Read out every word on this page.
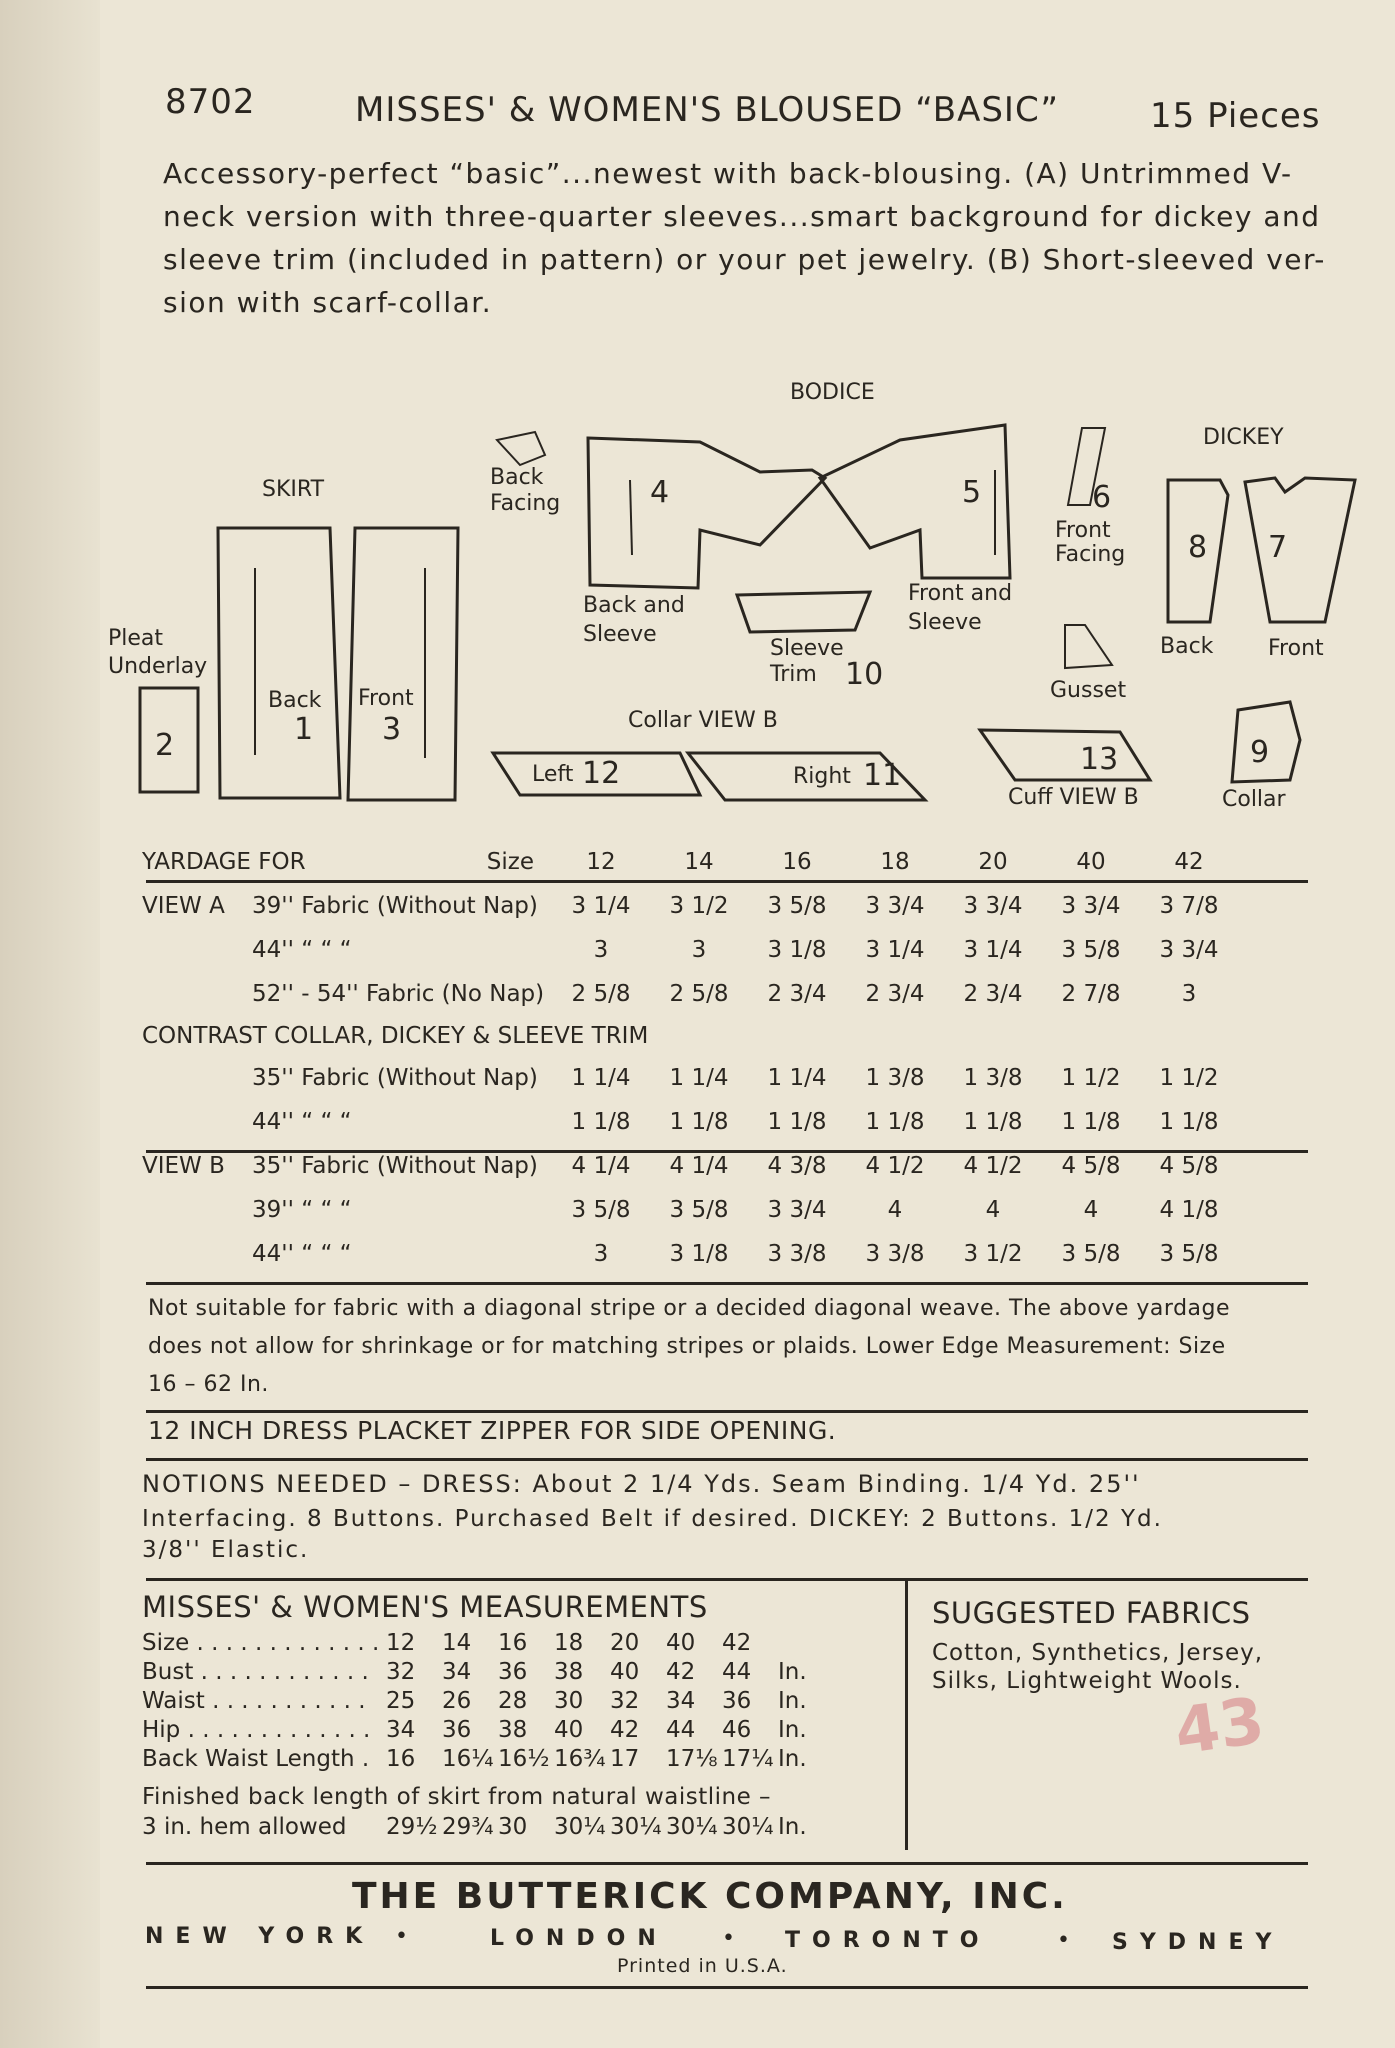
8702	MISSES' & WOMEN'S BLOUSED “BASIC”	15 Pieces
Accessory-perfect “basic”...newest with back-blousing. (A) Untrimmed V-
neck version with three-quarter sleeves...smart background for dickey and
sleeve trim (included in pattern) or your pet jewelry. (B) Short-sleeved ver-
sion with scarf-collar.
BODICE
SKIRT
DICKEY
Back
Facing
Back and
Sleeve
Front and
Sleeve
Front
Facing
Sleeve
Trim
Gusset
Pleat
Underlay
Back Front
Back Front
Collar VIEW B
Left	Right
Cuff VIEW B	Collar
1
2	3
4	5	6
7
8
9
10
11
12	13
YARDAGE FOR		Size	12	14	16	18	20	40	42
VIEW A	39'' Fabric (Without Nap)		3 1/4	3 1/2	3 5/8	3 3/4	3 3/4	3 3/4	3 7/8
	44'' “ “ “		3	3	3 1/8	3 1/4	3 1/4	3 5/8	3 3/4
	52'' - 54'' Fabric (No Nap)		2 5/8	2 5/8	2 3/4	2 3/4	2 3/4	2 7/8	3
CONTRAST COLLAR, DICKEY & SLEEVE TRIM									
	35'' Fabric (Without Nap)		1 1/4	1 1/4	1 1/4	1 3/8	1 3/8	1 1/2	1 1/2
	44'' “ “ “		1 1/8	1 1/8	1 1/8	1 1/8	1 1/8	1 1/8	1 1/8
VIEW B	35'' Fabric (Without Nap)		4 1/4	4 1/4	4 3/8	4 1/2	4 1/2	4 5/8	4 5/8
	39'' “ “ “		3 5/8	3 5/8	3 3/4	4	4	4	4 1/8
	44'' “ “ “		3	3 1/8	3 3/8	3 3/8	3 1/2	3 5/8	3 5/8
Not suitable for fabric with a diagonal stripe or a decided diagonal weave. The above yardage
does not allow for shrinkage or for matching stripes or plaids. Lower Edge Measurement: Size
16 – 62 In.
12 INCH DRESS PLACKET ZIPPER FOR SIDE OPENING.
NOTIONS NEEDED – DRESS: About 2 1/4 Yds. Seam Binding. 1/4 Yd. 25''
Interfacing. 8 Buttons. Purchased Belt if desired. DICKEY: 2 Buttons. 1/2 Yd.
3/8'' Elastic.
MISSES' & WOMEN'S MEASUREMENTS
Size . . . . . . . . . . . . .	12	14	16	18	20	40	42	
Bust . . . . . . . . . . . .	32	34	36	38	40	42	44	In.
Waist . . . . . . . . . . .	25	26	28	30	32	34	36	In.
Hip . . . . . . . . . . . . .	34	36	38	40	42	44	46	In.
Back Waist Length .	16	16¼	16½	16¾	17	17⅛	17¼	In.
Finished back length of skirt from natural waistline –
3 in. hem allowed	29½	29¾	30	30¼	30¼	30¼	30¼	In.
SUGGESTED FABRICS
Cotton, Synthetics, Jersey,
Silks, Lightweight Wools.
43
THE BUTTERICK COMPANY, INC.
NEW YORK •	LONDON • TORONTO	• SYDNEY
Printed in U.S.A.
